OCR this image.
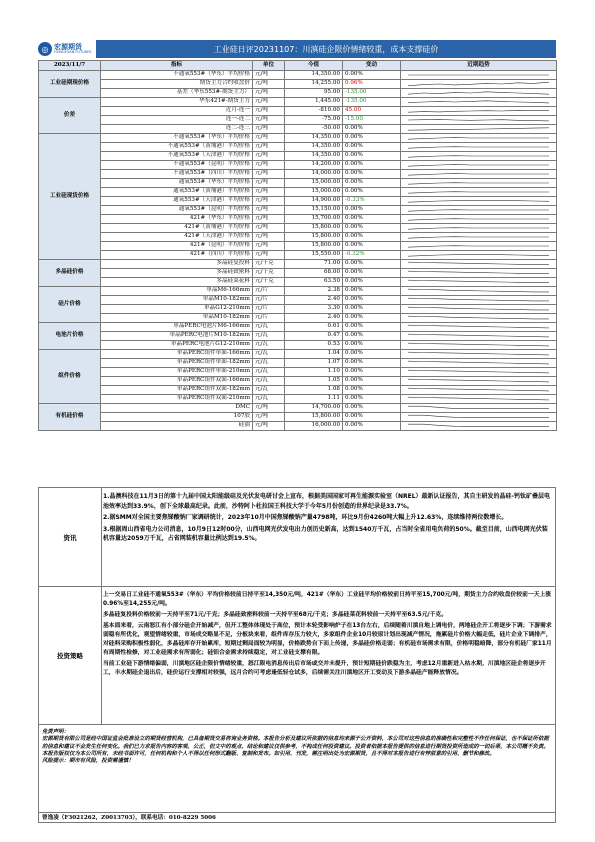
◎ 宏源期货
HONGYUAN FUTURES	工业硅日评20231107：川滇硅企限价情绪较重，成本支撑硅价
2023/11/7	指标	单位	今值	变动	近期趋势
工业硅期现价格	不通氧553#（华东）平均价格	元/吨	14,350.00	0.00%	

	期货主力合约收盘价	元/吨	14,255.00	0.96%	

	基差（华东553#-期货主力）	元/吨	95.00	-135.00	

价差	华东421#-期货主力	元/吨	1,445.00	-135.00	

	近月-连一	元/吨	-810.00	45.00	

	连一-连二	元/吨	-75.00	-15.00	

	连二-连三	元/吨	-50.00	0.00%	

工业硅现货价格	不通氧553#（华东）平均价格	元/吨	14,350.00	0.00%	

	不通氧553#（黄埔港）平均价格	元/吨	14,350.00	0.00%	

	不通氧553#（天津港）平均价格	元/吨	14,350.00	0.00%	

	不通氧553#（昆明）平均价格	元/吨	14,200.00	0.00%	

	不通氧553#（四川）平均价格	元/吨	14,000.00	0.00%	

	通氧553#（华东）平均价格	元/吨	15,000.00	0.00%	

	通氧553#（黄埔港）平均价格	元/吨	15,000.00	0.00%	

	通氧553#（天津港）平均价格	元/吨	14,900.00	-0.33%	

	通氧553#（昆明）平均价格	元/吨	15,150.00	0.00%	

	421#（华东）平均价格	元/吨	15,700.00	0.00%	

	421#（黄埔港）平均价格	元/吨	15,800.00	0.00%	

	421#（天津港）平均价格	元/吨	15,800.00	0.00%	

	421#（昆明）平均价格	元/吨	15,800.00	0.00%	

	421#（四川）平均价格	元/吨	15,550.00	-0.32%	

多晶硅价格	多晶硅复投料	元/千克	71.00	0.00%	

	多晶硅致密料	元/千克	68.00	0.00%	

	多晶硅菜花料	元/千克	63.50	0.00%	

硅片价格	单晶M6-166mm	元/片	2.38	0.00%	

	单晶M10-182mm	元/片	2.40	0.00%	

	单晶G12-210mm	元/片	3.30	0.00%	

	单晶M10-182mm	元/片	2.40	0.00%	

电池片价格	单晶PERC电池片M6-166mm	元/瓦	0.61	0.00%	

	单晶PERC电池片M10-182mm	元/瓦	0.47	0.00%	

	单晶PERC电池片G12-210mm	元/瓦	0.53	0.00%	

组件价格	单晶PERC组件单面-166mm	元/瓦	1.04	0.00%	

	单晶PERC组件单面-182mm	元/瓦	1.07	0.00%	

	单晶PERC组件单面-210mm	元/瓦	1.10	0.00%	

	单晶PERC组件双面-166mm	元/瓦	1.05	0.00%	

	单晶PERC组件双面-182mm	元/瓦	1.08	0.00%	

	单晶PERC组件双面-210mm	元/瓦	1.11	0.00%	

有机硅价格	DMC	元/吨	14,700.00	0.00%	

	107胶	元/吨	15,800.00	0.00%	

	硅油	元/吨	16,000.00	0.00%	
资讯

1.晶澳科技在11月3日的第十九届中国太阳能级硅及光伏发电研讨会上宣布，根据美国国家可再生能源实验室（NREL）最新认证报告，其自主研发的晶硅-钙钛矿叠层电池效率达到33.9%，创下全球最高纪录。此前，沙特阿卜杜拉国王科技大学于今年5月份创造的世界纪录是33.7%。

2.据SMM对全国主要焦锑酸钠厂家调研统计，2023年10月中国焦锑酸钠产量4798吨，环比9月份4260吨大幅上升12.63%，连续维持两位数增长。

3.根据周山西省电力公司消息，10月9日12时00分，山西电网光伏发电出力创历史新高，达到1540万千瓦，占当时全省用电负荷的50%。截至目前，山西电网光伏装机容量达2059万千瓦，占省网装机容量比例达到19.5%。

投资策略

上一交易日工业硅不通氧553#（华东）平均价格较前日持平至14,350元/吨，421#（华东）工业硅平均价格较前日持平至15,700元/吨，期货主力合约收盘价较前一天上涨0.96%至14,255元/吨。

多晶硅复投料价格较前一天持平至71元/千克；多晶硅致密料较前一天持平至68元/千克；多晶硅菜花料较前一天持平至63.5元/千克。

基本面来看，云南怒江有小部分硅企开始减产，但开工整体体现处于高位，预计本轮受影响炉子在13台左右，后续随着川滇自地上调电价，两地硅企开工将逐步下调；下游需求弱稳有所优化，观望情绪较重，市场成交略显不足，分板块来看，组件库存压力较大，多家组件企业10月较原计划出现减产情况，拖累硅片价格大幅走低，硅片企业下调排产，对硅料采购积极性弱化，多晶硅库存开始累库，短期过剩局面较为明显，价格跌势自下而上传递，多晶硅价格走弱；有机硅市场需求有限，价格明稳暗降，部分有机硅厂家11月有周期性检修，对工业硅需求有所弱化；硅铝合金需求持续稳定，对工业硅支撑有限。

当前工业硅下游情绪偏弱，川滇地区硅企限价情绪较重，怒江限电消息传出后市场或交并未提升，预计短期硅价跌稳为主，考虑12月重新进入枯水期，川滇地区硅企将逐步开工，丰水期硅企退出后，硅价运行支撑相对较强，远月合约可考虑逢低轻仓试多，后续需关注川滇地区开工变动及下游多晶硅产能释放情况。

免责声明：
宏源期货有限公司是经中国证监会批准设立的期货经营机构，已具备期货交易咨询业务资格。本报告分析及建议所依据的信息均来源于公开资料，本公司对这些信息的准确性和完整性不作任何保证，也不保证所依据的信息和建议不会发生任何变化。我们已力求报告内容的客观、公正，但文中的观点、结论和建议仅供参考，不构成任何投资建议。投资者依据本报告提供的信息进行期货投资所造成的一切后果，本公司概不负责。本报告版权仅为本公司所有，未经书面许可，任何机构和个人不得以任何形式翻版、复制和发布。如引用、刊发，需注明出处为宏源期货，且不得对本报告进行有悖原意的引用、删节和修改。
风险提示：期市有风险，投资需谨慎！

曾逸凌（F3021262，Z0013703），联系电话：010-8229 5006
